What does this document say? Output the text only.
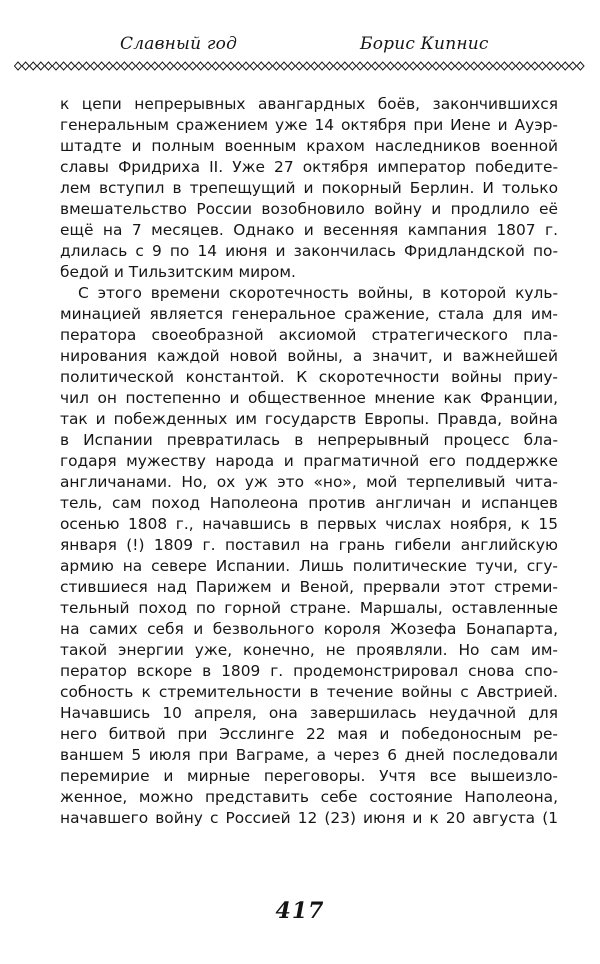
Славный год	Борис Кипнис
к цепи непрерывных авангардных боёв, закончившихся
генеральным сражением уже 14 октября при Иене и Ауэр-
штадте и полным военным крахом наследников военной
славы Фридриха II. Уже 27 октября император победите-
лем вступил в трепещущий и покорный Берлин. И только
вмешательство России возобновило войну и продлило её
ещё на 7 месяцев. Однако и весенняя кампания 1807 г.
длилась с 9 по 14 июня и закончилась Фридландской по-
бедой и Тильзитским миром.
С этого времени скоротечность войны, в которой куль-
минацией является генеральное сражение, стала для им-
ператора своеобразной аксиомой стратегического пла-
нирования каждой новой войны, а значит, и важнейшей
политической константой. К скоротечности войны приу-
чил он постепенно и общественное мнение как Франции,
так и побежденных им государств Европы. Правда, война
в Испании превратилась в непрерывный процесс бла-
годаря мужеству народа и прагматичной его поддержке
англичанами. Но, ох уж это «но», мой терпеливый чита-
тель, сам поход Наполеона против англичан и испанцев
осенью 1808 г., начавшись в первых числах ноября, к 15
января (!) 1809 г. поставил на грань гибели английскую
армию на севере Испании. Лишь политические тучи, сгу-
стившиеся над Парижем и Веной, прервали этот стреми-
тельный поход по горной стране. Маршалы, оставленные
на самих себя и безвольного короля Жозефа Бонапарта,
такой энергии уже, конечно, не проявляли. Но сам им-
ператор вскоре в 1809 г. продемонстрировал снова спо-
собность к стремительности в течение войны с Австрией.
Начавшись 10 апреля, она завершилась неудачной для
него битвой при Эсслинге 22 мая и победоносным ре-
ваншем 5 июля при Ваграме, а через 6 дней последовали
перемирие и мирные переговоры. Учтя все вышеизло-
женное, можно представить себе состояние Наполеона,
начавшего войну с Россией 12 (23) июня и к 20 августа (1
417
